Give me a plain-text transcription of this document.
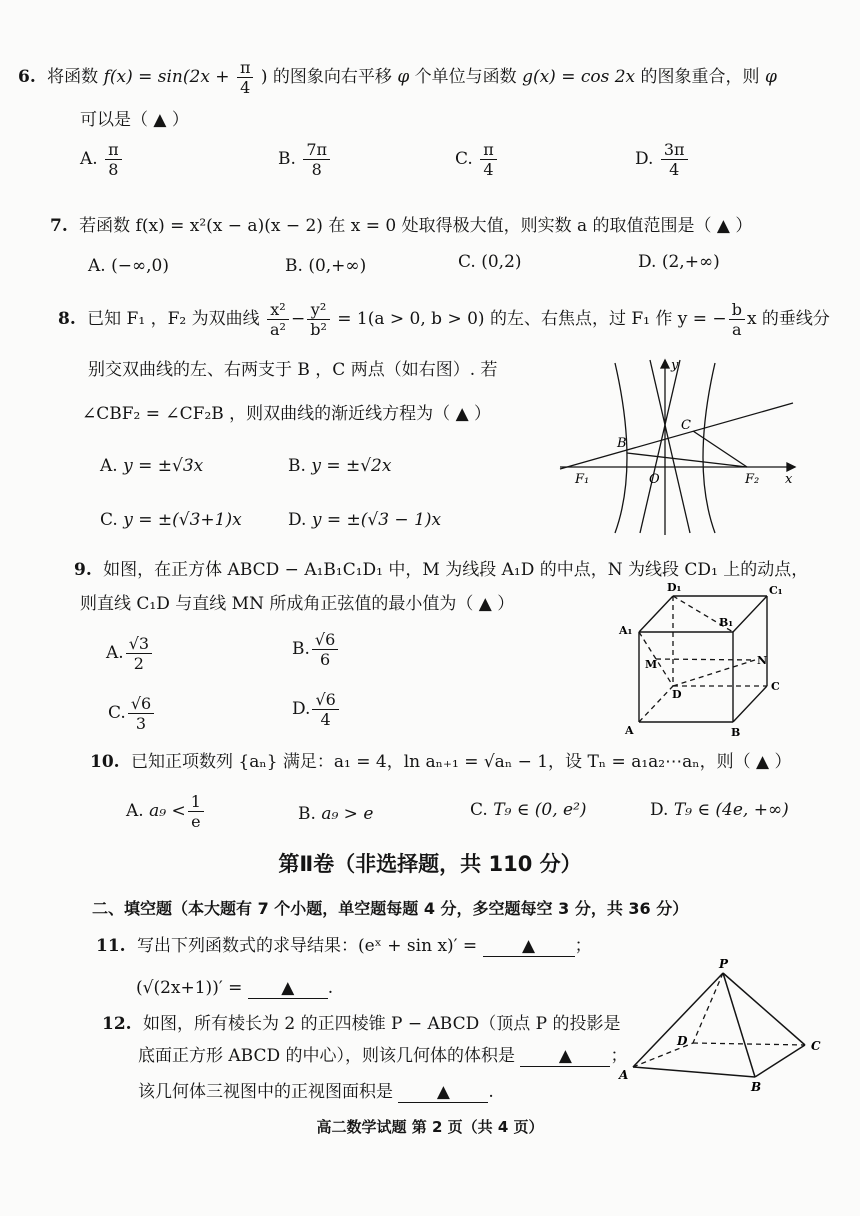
6. 将函数 $f(x) = \sin(2x + \frac{\pi}{4}$ ) 的图象向右平移 φ 个单位与函数 g(x) = cos 2x 的图象重合，则 φ
可以是（ ▲ ）
A. $\frac{\pi}{8}$	B. $\frac{7\pi}{8}$	C. $\frac{\pi}{4}$	D. $\frac{3\pi}{4}$
7. 若函数 f(x) = x²(x − a)(x − 2) 在 x = 0 处取得极大值，则实数 a 的取值范围是（ ▲ ）
A. (−∞,0)	B. (0,+∞)	C. (0,2)	D. (2,+∞)
8. 已知 F₁ ，F₂ 为双曲线 $\frac{\text{x²}}{\text{a²}} - \frac{\text{y²}}{\text{b²}} = 1(a > 0$, b > 0) 的左、右焦点，过 F₁ 作 y = − $\frac{b}{a}$ x 的垂线分
别交双曲线的左、右两支于 B ，C 两点（如右图）. 若
∠CBF₂ = ∠CF₂B ，则双曲线的渐近线方程为（ ▲ ）
A. y = ±√3x	B. y = ±√2x
C. y = ±(√3+1)x	D. y = ±(√3 − 1)x
F₁	O	F₂
B
C
y
x
9. 如图，在正方体 ABCD − A₁B₁C₁D₁ 中，M 为线段 A₁D 的中点，N 为线段 CD₁ 上的动点，
则直线 C₁D 与直线 MN 所成角正弦值的最小值为（ ▲ ）
A. $\frac{√3}{2}$	B. $\frac{√6}{6}$
C. $\frac{√6}{3}$	D. $\frac{√6}{4}$
D₁	C₁
A₁
B₁
M	N
D
C
A	B
10. 已知正项数列 {aₙ} 满足：a₁ = 4，ln aₙ₊₁ = √aₙ − 1，设 Tₙ = a₁a₂⋯aₙ，则（ ▲ ）
A. $a_9 < \frac{1}{e}$	B. a₉ > e	C. T₉ ∈ (0, e²)	D. T₉ ∈ (4e, +∞)
第Ⅱ卷（非选择题，共 110 分）
二、填空题（本大题有 7 个小题，单空题每题 4 分，多空题每空 3 分，共 36 分）
11. 写出下列函数式的求导结果：(eˣ + sin x)′ =	▲ ；
(√(2x+1))′ = ▲ .
12. 如图，所有棱长为 2 的正四棱锥 P − ABCD（顶点 P 的投影是
底面正方形 ABCD 的中心），则该几何体的体积是	▲ ；
该几何体三视图中的正视图面积是	▲ .
P
D	C
A
B
高二数学试题 第 2 页（共 4 页）
